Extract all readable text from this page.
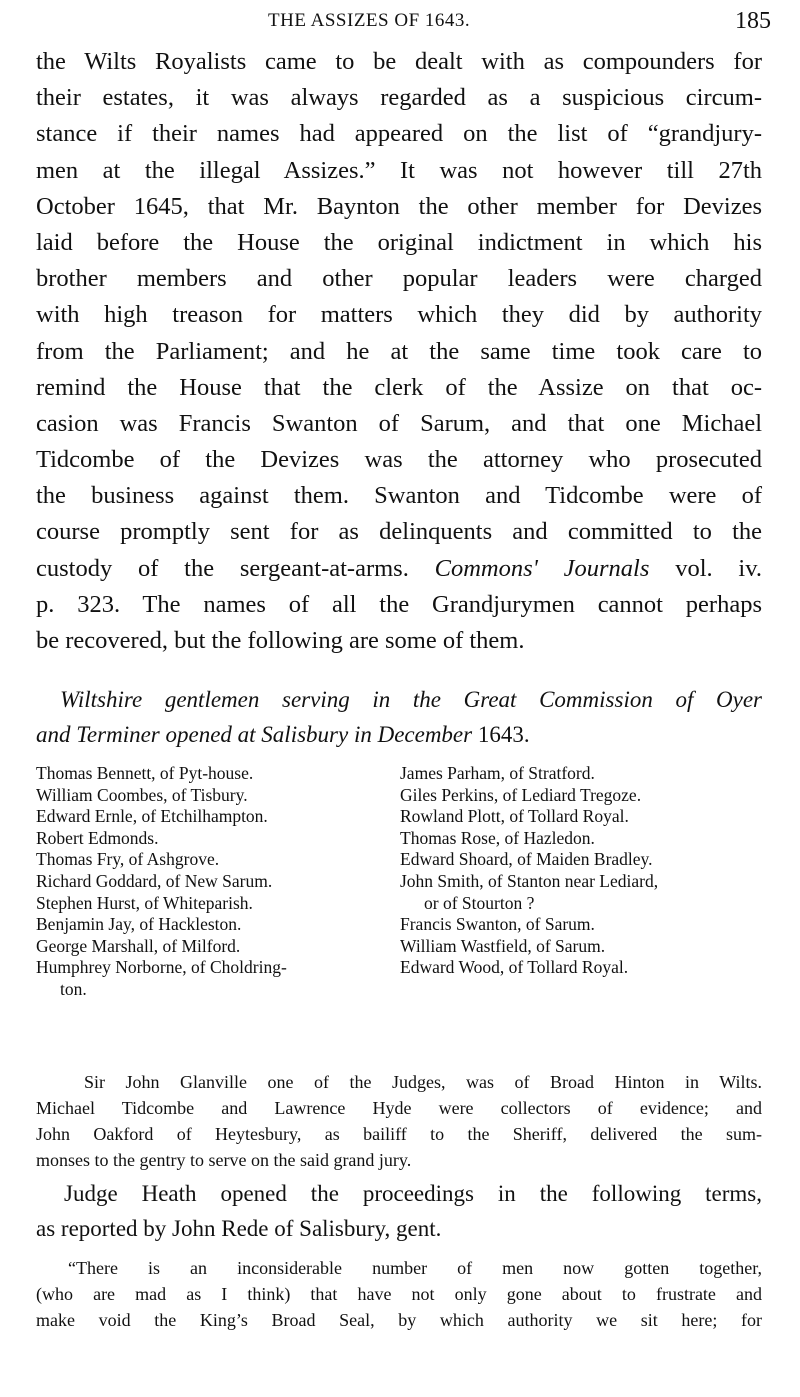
THE ASSIZES OF 1643.	185
the Wilts Royalists came to be dealt with as compounders for
their estates, it was always regarded as a suspicious circum-
stance if their names had appeared on the list of “grandjury-
men at the illegal Assizes.” It was not however till 27th
October 1645, that Mr. Baynton the other member for Devizes
laid before the House the original indictment in which his
brother members and other popular leaders were charged
with high treason for matters which they did by authority
from the Parliament; and he at the same time took care to
remind the House that the clerk of the Assize on that oc-
casion was Francis Swanton of Sarum, and that one Michael
Tidcombe of the Devizes was the attorney who prosecuted
the business against them. Swanton and Tidcombe were of
course promptly sent for as delinquents and committed to the
custody of the sergeant-at-arms. Commons' Journals vol. iv.
p. 323. The names of all the Grandjurymen cannot perhaps
be recovered, but the following are some of them.
Wiltshire gentlemen serving in the Great Commission of Oyer
and Terminer opened at Salisbury in December 1643.
Thomas Bennett, of Pyt-house.	James Parham, of Stratford.
William Coombes, of Tisbury.	Giles Perkins, of Lediard Tregoze.
Edward Ernle, of Etchilhampton.	Rowland Plott, of Tollard Royal.
Robert Edmonds.	Thomas Rose, of Hazledon.
Thomas Fry, of Ashgrove.	Edward Shoard, of Maiden Bradley.
Richard Goddard, of New Sarum.	John Smith, of Stanton near Lediard,
Stephen Hurst, of Whiteparish.	or of Stourton ?
Benjamin Jay, of Hackleston.	Francis Swanton, of Sarum.
George Marshall, of Milford.	William Wastfield, of Sarum.
Humphrey Norborne, of Choldring-	Edward Wood, of Tollard Royal.
ton.
Sir John Glanville one of the Judges, was of Broad Hinton in Wilts.
Michael Tidcombe and Lawrence Hyde were collectors of evidence; and
John Oakford of Heytesbury, as bailiff to the Sheriff, delivered the sum-
monses to the gentry to serve on the said grand jury.
Judge Heath opened the proceedings in the following terms,
as reported by John Rede of Salisbury, gent.
“There is an inconsiderable number of men now gotten together,
(who are mad as I think) that have not only gone about to frustrate and
make void the King’s Broad Seal, by which authority we sit here; for
